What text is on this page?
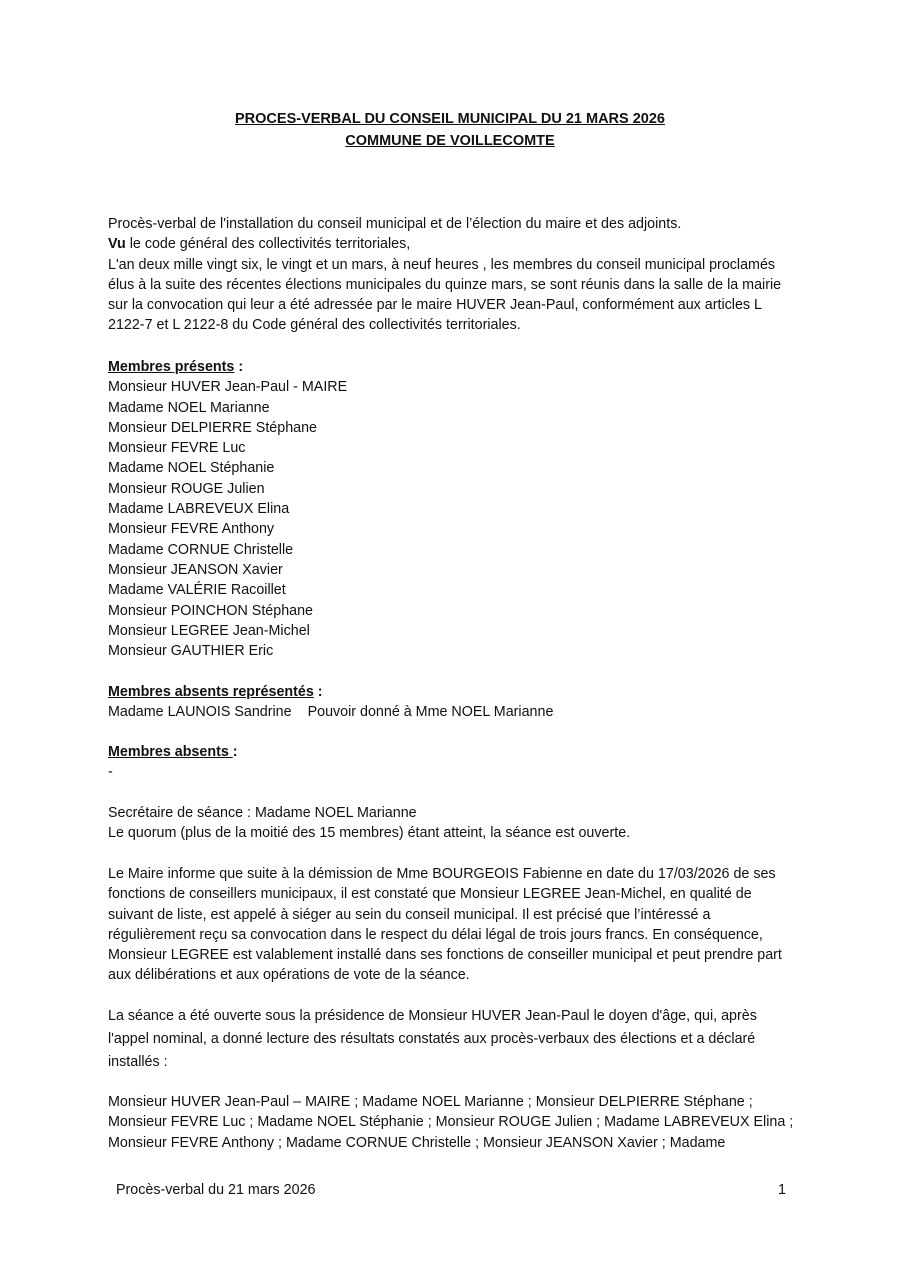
PROCES-VERBAL DU CONSEIL MUNICIPAL DU 21 MARS 2026
COMMUNE DE VOILLECOMTE
Procès-verbal de l'installation du conseil municipal et de l’élection du maire et des adjoints.
Vu le code général des collectivités territoriales,
L'an deux mille vingt six, le vingt et un mars, à neuf heures , les membres du conseil municipal proclamés élus à la suite des récentes élections municipales du quinze mars, se sont réunis dans la salle de la mairie sur la convocation qui leur a été adressée par le maire HUVER Jean-Paul, conformément aux articles L 2122-7 et L 2122-8 du Code général des collectivités territoriales.
Membres présents :
Monsieur HUVER Jean-Paul - MAIRE
Madame NOEL Marianne
Monsieur DELPIERRE Stéphane
Monsieur FEVRE Luc
Madame NOEL Stéphanie
Monsieur ROUGE Julien
Madame LABREVEUX Elina
Monsieur FEVRE Anthony
Madame CORNUE Christelle
Monsieur JEANSON Xavier
Madame VALÉRIE Racoillet
Monsieur POINCHON Stéphane
Monsieur LEGREE Jean-Michel
Monsieur GAUTHIER Eric
Membres absents représentés :
Madame LAUNOIS Sandrine Pouvoir donné à Mme NOEL Marianne
Membres absents :
-
Secrétaire de séance : Madame NOEL Marianne
Le quorum (plus de la moitié des 15 membres) étant atteint, la séance est ouverte.
Le Maire informe que suite à la démission de Mme BOURGEOIS Fabienne en date du 17/03/2026 de ses fonctions de conseillers municipaux, il est constaté que Monsieur LEGREE Jean-Michel, en qualité de suivant de liste, est appelé à siéger au sein du conseil municipal. Il est précisé que l’intéressé a régulièrement reçu sa convocation dans le respect du délai légal de trois jours francs. En conséquence, Monsieur LEGREE est valablement installé dans ses fonctions de conseiller municipal et peut prendre part aux délibérations et aux opérations de vote de la séance.
La séance a été ouverte sous la présidence de Monsieur HUVER Jean-Paul le doyen d'âge, qui, après l'appel nominal, a donné lecture des résultats constatés aux procès-verbaux des élections et a déclaré installés :
Monsieur HUVER Jean-Paul – MAIRE ; Madame NOEL Marianne ; Monsieur DELPIERRE Stéphane ; Monsieur FEVRE Luc ; Madame NOEL Stéphanie ; Monsieur ROUGE Julien ; Madame LABREVEUX Elina ; Monsieur FEVRE Anthony ; Madame CORNUE Christelle ; Monsieur JEANSON Xavier ; Madame
Procès-verbal du 21 mars 2026	1
